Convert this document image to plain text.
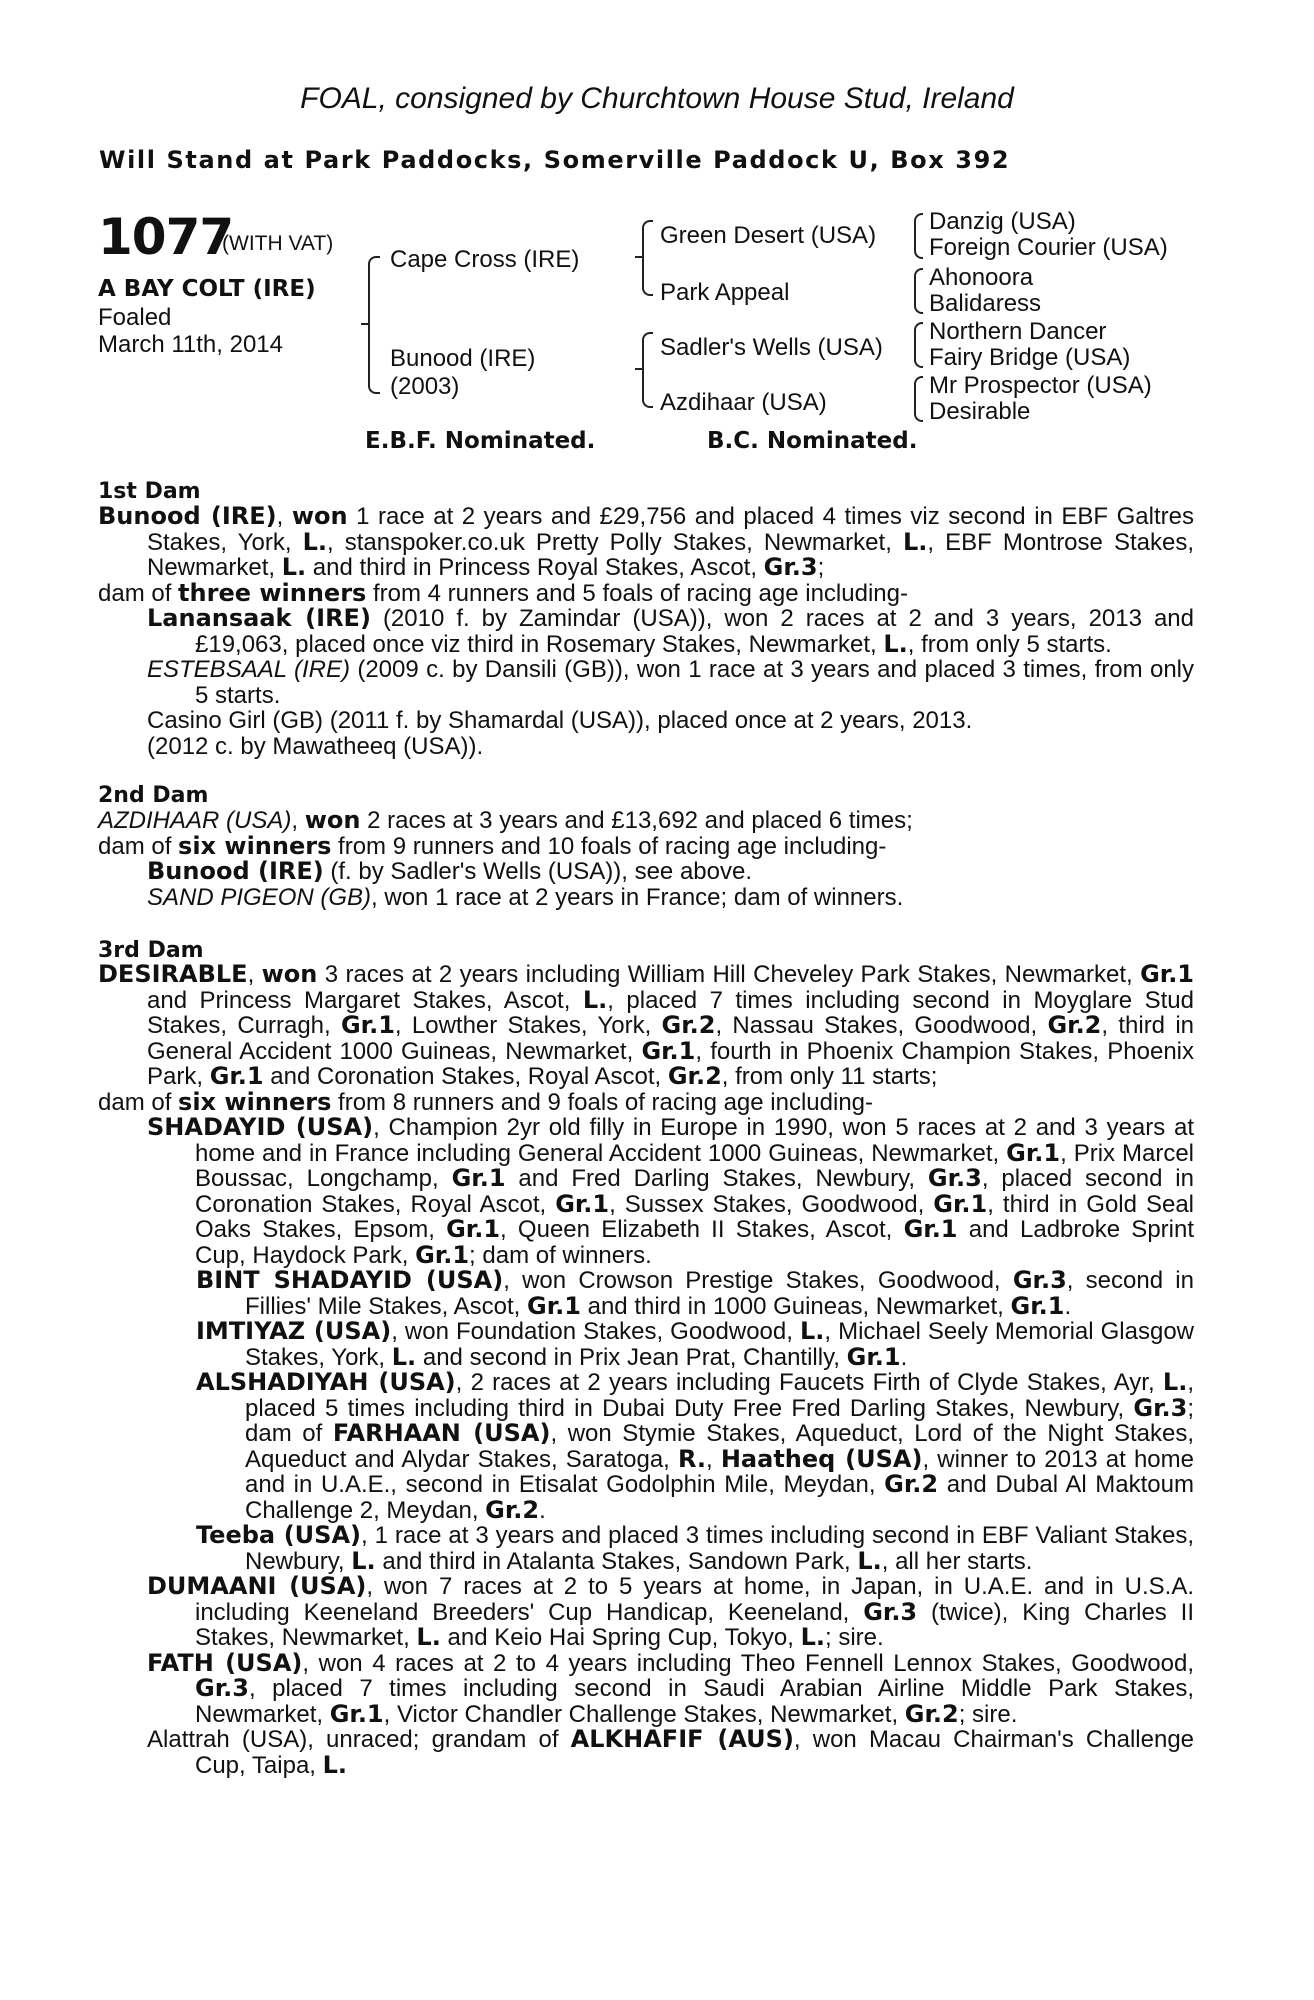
FOAL, consigned by Churchtown House Stud, Ireland
Will Stand at Park Paddocks, Somerville Paddock U, Box 392
1077
(WITH VAT)
A BAY COLT (IRE)
Foaled
March 11th, 2014
Cape Cross (IRE)
Bunood (IRE)
(2003)
Green Desert (USA)
Park Appeal
Sadler's Wells (USA)
Azdihaar (USA)
Danzig (USA)
Foreign Courier (USA)
Ahonoora
Balidaress
Northern Dancer
Fairy Bridge (USA)
Mr Prospector (USA)
Desirable
E.B.F. Nominated.	B.C. Nominated.
1st Dam
Bunood (IRE), won 1 race at 2 years and £29,756 and placed 4 times viz second in EBF Galtres Stakes, York, L., stanspoker.co.uk Pretty Polly Stakes, Newmarket, L., EBF Montrose Stakes, Newmarket, L. and third in Princess Royal Stakes, Ascot, Gr.3;
dam of three winners from 4 runners and 5 foals of racing age including-
Lanansaak (IRE) (2010 f. by Zamindar (USA)), won 2 races at 2 and 3 years, 2013 and £19,063, placed once viz third in Rosemary Stakes, Newmarket, L., from only 5 starts.
ESTEBSAAL (IRE) (2009 c. by Dansili (GB)), won 1 race at 3 years and placed 3 times, from only 5 starts.
Casino Girl (GB) (2011 f. by Shamardal (USA)), placed once at 2 years, 2013.
(2012 c. by Mawatheeq (USA)).
2nd Dam
AZDIHAAR (USA), won 2 races at 3 years and £13,692 and placed 6 times;
dam of six winners from 9 runners and 10 foals of racing age including-
Bunood (IRE) (f. by Sadler's Wells (USA)), see above.
SAND PIGEON (GB), won 1 race at 2 years in France; dam of winners.
3rd Dam
DESIRABLE, won 3 races at 2 years including William Hill Cheveley Park Stakes, Newmarket, Gr.1 and Princess Margaret Stakes, Ascot, L., placed 7 times including second in Moyglare Stud Stakes, Curragh, Gr.1, Lowther Stakes, York, Gr.2, Nassau Stakes, Goodwood, Gr.2, third in General Accident 1000 Guineas, Newmarket, Gr.1, fourth in Phoenix Champion Stakes, Phoenix Park, Gr.1 and Coronation Stakes, Royal Ascot, Gr.2, from only 11 starts;
dam of six winners from 8 runners and 9 foals of racing age including-
SHADAYID (USA), Champion 2yr old filly in Europe in 1990, won 5 races at 2 and 3 years at home and in France including General Accident 1000 Guineas, Newmarket, Gr.1, Prix Marcel Boussac, Longchamp, Gr.1 and Fred Darling Stakes, Newbury, Gr.3, placed second in Coronation Stakes, Royal Ascot, Gr.1, Sussex Stakes, Goodwood, Gr.1, third in Gold Seal Oaks Stakes, Epsom, Gr.1, Queen Elizabeth II Stakes, Ascot, Gr.1 and Ladbroke Sprint Cup, Haydock Park, Gr.1; dam of winners.
BINT SHADAYID (USA), won Crowson Prestige Stakes, Goodwood, Gr.3, second in Fillies' Mile Stakes, Ascot, Gr.1 and third in 1000 Guineas, Newmarket, Gr.1.
IMTIYAZ (USA), won Foundation Stakes, Goodwood, L., Michael Seely Memorial Glasgow Stakes, York, L. and second in Prix Jean Prat, Chantilly, Gr.1.
ALSHADIYAH (USA), 2 races at 2 years including Faucets Firth of Clyde Stakes, Ayr, L., placed 5 times including third in Dubai Duty Free Fred Darling Stakes, Newbury, Gr.3; dam of FARHAAN (USA), won Stymie Stakes, Aqueduct, Lord of the Night Stakes, Aqueduct and Alydar Stakes, Saratoga, R., Haatheq (USA), winner to 2013 at home and in U.A.E., second in Etisalat Godolphin Mile, Meydan, Gr.2 and Dubal Al Maktoum Challenge 2, Meydan, Gr.2.
Teeba (USA), 1 race at 3 years and placed 3 times including second in EBF Valiant Stakes, Newbury, L. and third in Atalanta Stakes, Sandown Park, L., all her starts.
DUMAANI (USA), won 7 races at 2 to 5 years at home, in Japan, in U.A.E. and in U.S.A. including Keeneland Breeders' Cup Handicap, Keeneland, Gr.3 (twice), King Charles II Stakes, Newmarket, L. and Keio Hai Spring Cup, Tokyo, L.; sire.
FATH (USA), won 4 races at 2 to 4 years including Theo Fennell Lennox Stakes, Goodwood, Gr.3, placed 7 times including second in Saudi Arabian Airline Middle Park Stakes, Newmarket, Gr.1, Victor Chandler Challenge Stakes, Newmarket, Gr.2; sire.
Alattrah (USA), unraced; grandam of ALKHAFIF (AUS), won Macau Chairman's Challenge Cup, Taipa, L.
